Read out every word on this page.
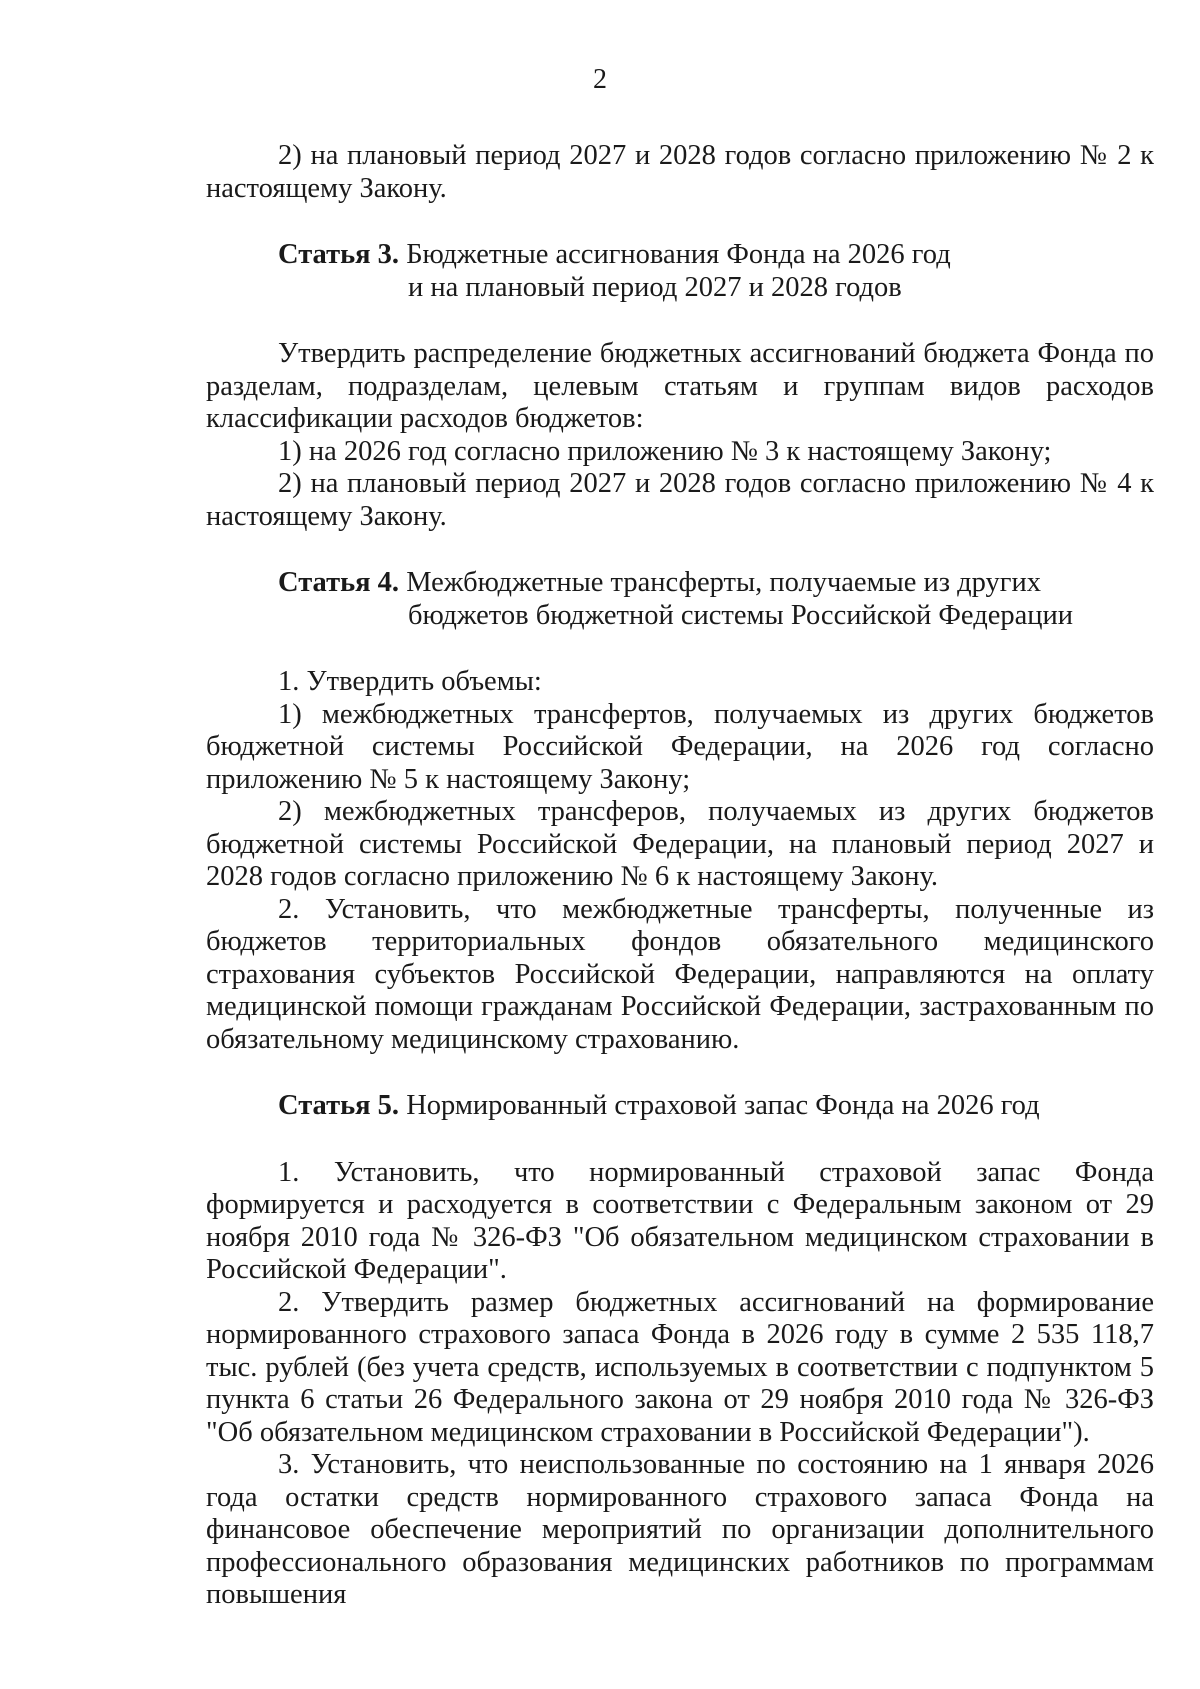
2

2) на плановый период 2027 и 2028 годов согласно приложению № 2 к настоящему Закону.

Статья 3. Бюджетные ассигнования Фонда на 2026 год
и на плановый период 2027 и 2028 годов

Утвердить распределение бюджетных ассигнований бюджета Фонда по разделам, подразделам, целевым статьям и группам видов расходов классификации расходов бюджетов:

1) на 2026 год согласно приложению № 3 к настоящему Закону;

2) на плановый период 2027 и 2028 годов согласно приложению № 4 к настоящему Закону.

Статья 4. Межбюджетные трансферты, получаемые из других
бюджетов бюджетной системы Российской Федерации

1. Утвердить объемы:

1) межбюджетных трансфертов, получаемых из других бюджетов бюджетной системы Российской Федерации, на 2026 год согласно приложению № 5 к настоящему Закону;

2) межбюджетных трансферов, получаемых из других бюджетов бюджетной системы Российской Федерации, на плановый период 2027 и 2028 годов согласно приложению № 6 к настоящему Закону.

2. Установить, что межбюджетные трансферты, полученные из бюджетов территориальных фондов обязательного медицинского страхования субъектов Российской Федерации, направляются на оплату медицинской помощи гражданам Российской Федерации, застрахованным по обязательному медицинскому страхованию.

Статья 5. Нормированный страховой запас Фонда на 2026 год

1. Установить, что нормированный страховой запас Фонда формируется и расходуется в соответствии с Федеральным законом от 29 ноября 2010 года № 326-ФЗ "Об обязательном медицинском страховании в Российской Федерации".

2. Утвердить размер бюджетных ассигнований на формирование нормированного страхового запаса Фонда в 2026 году в сумме 2 535 118,7 тыс. рублей (без учета средств, используемых в соответствии с подпунктом 5 пункта 6 статьи 26 Федерального закона от 29 ноября 2010 года № 326-ФЗ "Об обязательном медицинском страховании в Российской Федерации").

3. Установить, что неиспользованные по состоянию на 1 января 2026 года остатки средств нормированного страхового запаса Фонда на финансовое обеспечение мероприятий по организации дополнительного профессионального образования медицинских работников по программам повышения
